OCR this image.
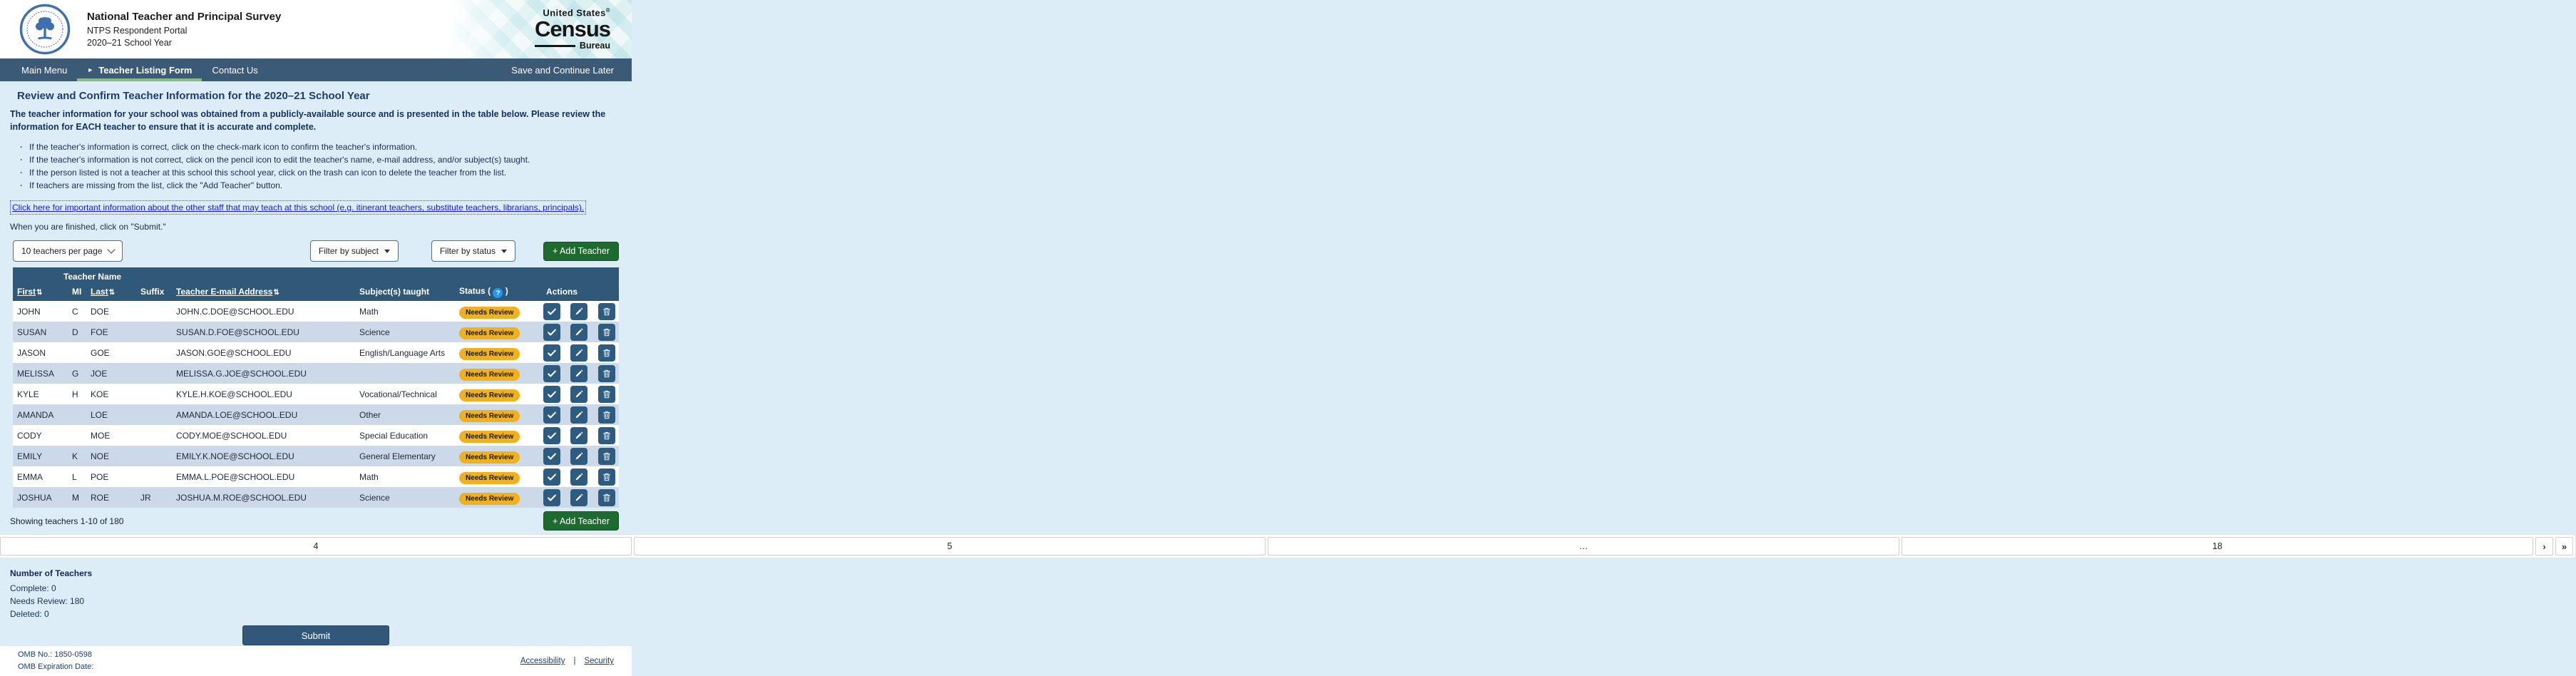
National Teacher and Principal Survey
NTPS Respondent Portal
2020–21 School Year
United States®
Census
Bureau
Main Menu	► Teacher Listing Form	Contact Us	Save and Continue Later
Review and Confirm Teacher Information for the 2020–21 School Year

The teacher information for your school was obtained from a publicly-available source and is presented in the table below. Please review the information for EACH teacher to ensure that it is accurate and complete.

· If the teacher's information is correct, click on the check-mark icon to confirm the teacher's information.
· If the teacher's information is not correct, click on the pencil icon to edit the teacher's name, e-mail address, and/or subject(s) taught.
· If the person listed is not a teacher at this school this school year, click on the trash can icon to delete the teacher from the list.
· If teachers are missing from the list, click the "Add Teacher" button.
Click here for important information about the other staff that may teach at this school (e.g. itinerant teachers, substitute teachers, librarians, principals).

When you are finished, click on "Submit."

10 teachers per page	Filter by subject	Filter by status	+ Add Teacher
Teacher Name							
First⇅	MI	Last⇅	Suffix	Teacher E-mail Address⇅	Subject(s) taught	Status ( ? )	Actions
JOHN	C	DOE		JOHN.C.DOE@SCHOOL.EDU	Math	Needs Review	

SUSAN	D	FOE		SUSAN.D.FOE@SCHOOL.EDU	Science	Needs Review	

JASON		GOE		JASON.GOE@SCHOOL.EDU	English/Language Arts	Needs Review	

MELISSA	G	JOE		MELISSA.G.JOE@SCHOOL.EDU		Needs Review	

KYLE	H	KOE		KYLE.H.KOE@SCHOOL.EDU	Vocational/Technical	Needs Review	

AMANDA		LOE		AMANDA.LOE@SCHOOL.EDU	Other	Needs Review	

CODY		MOE		CODY.MOE@SCHOOL.EDU	Special Education	Needs Review	

EMILY	K	NOE		EMILY.K.NOE@SCHOOL.EDU	General Elementary	Needs Review	

EMMA	L	POE		EMMA.L.POE@SCHOOL.EDU	Math	Needs Review	

JOSHUA	M	ROE	JR	JOSHUA.M.ROE@SCHOOL.EDU	Science	Needs Review	

Showing teachers 1-10 of 180	+ Add Teacher
4	5	…	18	›	»
Number of Teachers
Complete: 0
Needs Review: 180
Deleted: 0
Submit
OMB No.: 1850-0598
OMB Expiration Date:
Accessibility | Security
